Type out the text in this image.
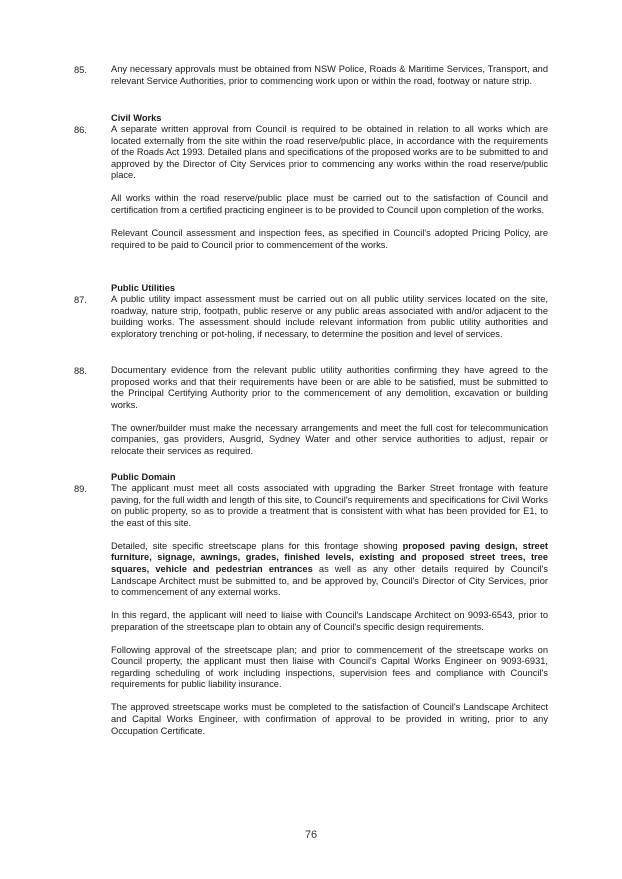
85.	Any necessary approvals must be obtained from NSW Police, Roads & Maritime Services, Transport, and relevant Service Authorities, prior to commencing work upon or within the road, footway or nature strip.

Civil Works
86.	A separate written approval from Council is required to be obtained in relation to all works which are located externally from the site within the road reserve/public place, in accordance with the requirements of the Roads Act 1993. Detailed plans and specifications of the proposed works are to be submitted to and approved by the Director of City Services prior to commencing any works within the road reserve/public place.

All works within the road reserve/public place must be carried out to the satisfaction of Council and certification from a certified practicing engineer is to be provided to Council upon completion of the works.

Relevant Council assessment and inspection fees, as specified in Council's adopted Pricing Policy, are required to be paid to Council prior to commencement of the works.

Public Utilities
87.	A public utility impact assessment must be carried out on all public utility services located on the site, roadway, nature strip, footpath, public reserve or any public areas associated with and/or adjacent to the building works. The assessment should include relevant information from public utility authorities and exploratory trenching or pot-holing, if necessary, to determine the position and level of services.

88.	Documentary evidence from the relevant public utility authorities confirming they have agreed to the proposed works and that their requirements have been or are able to be satisfied, must be submitted to the Principal Certifying Authority prior to the commencement of any demolition, excavation or building works.

The owner/builder must make the necessary arrangements and meet the full cost for telecommunication companies, gas providers, Ausgrid, Sydney Water and other service authorities to adjust, repair or relocate their services as required.

Public Domain
89.	The applicant must meet all costs associated with upgrading the Barker Street frontage with feature paving, for the full width and length of this site, to Council's requirements and specifications for Civil Works on public property, so as to provide a treatment that is consistent with what has been provided for E1, to the east of this site.

Detailed, site specific streetscape plans for this frontage showing proposed paving design, street furniture, signage, awnings, grades, finished levels, existing and proposed street trees, tree squares, vehicle and pedestrian entrances as well as any other details required by Council's Landscape Architect must be submitted to, and be approved by, Council's Director of City Services, prior to commencement of any external works.

In this regard, the applicant will need to liaise with Council's Landscape Architect on 9093-6543, prior to preparation of the streetscape plan to obtain any of Council's specific design requirements.

Following approval of the streetscape plan; and prior to commencement of the streetscape works on Council property, the applicant must then liaise with Council's Capital Works Engineer on 9093-6931, regarding scheduling of work including inspections, supervision fees and compliance with Council's requirements for public liability insurance.

The approved streetscape works must be completed to the satisfaction of Council's Landscape Architect and Capital Works Engineer, with confirmation of approval to be provided in writing, prior to any Occupation Certificate.

76
